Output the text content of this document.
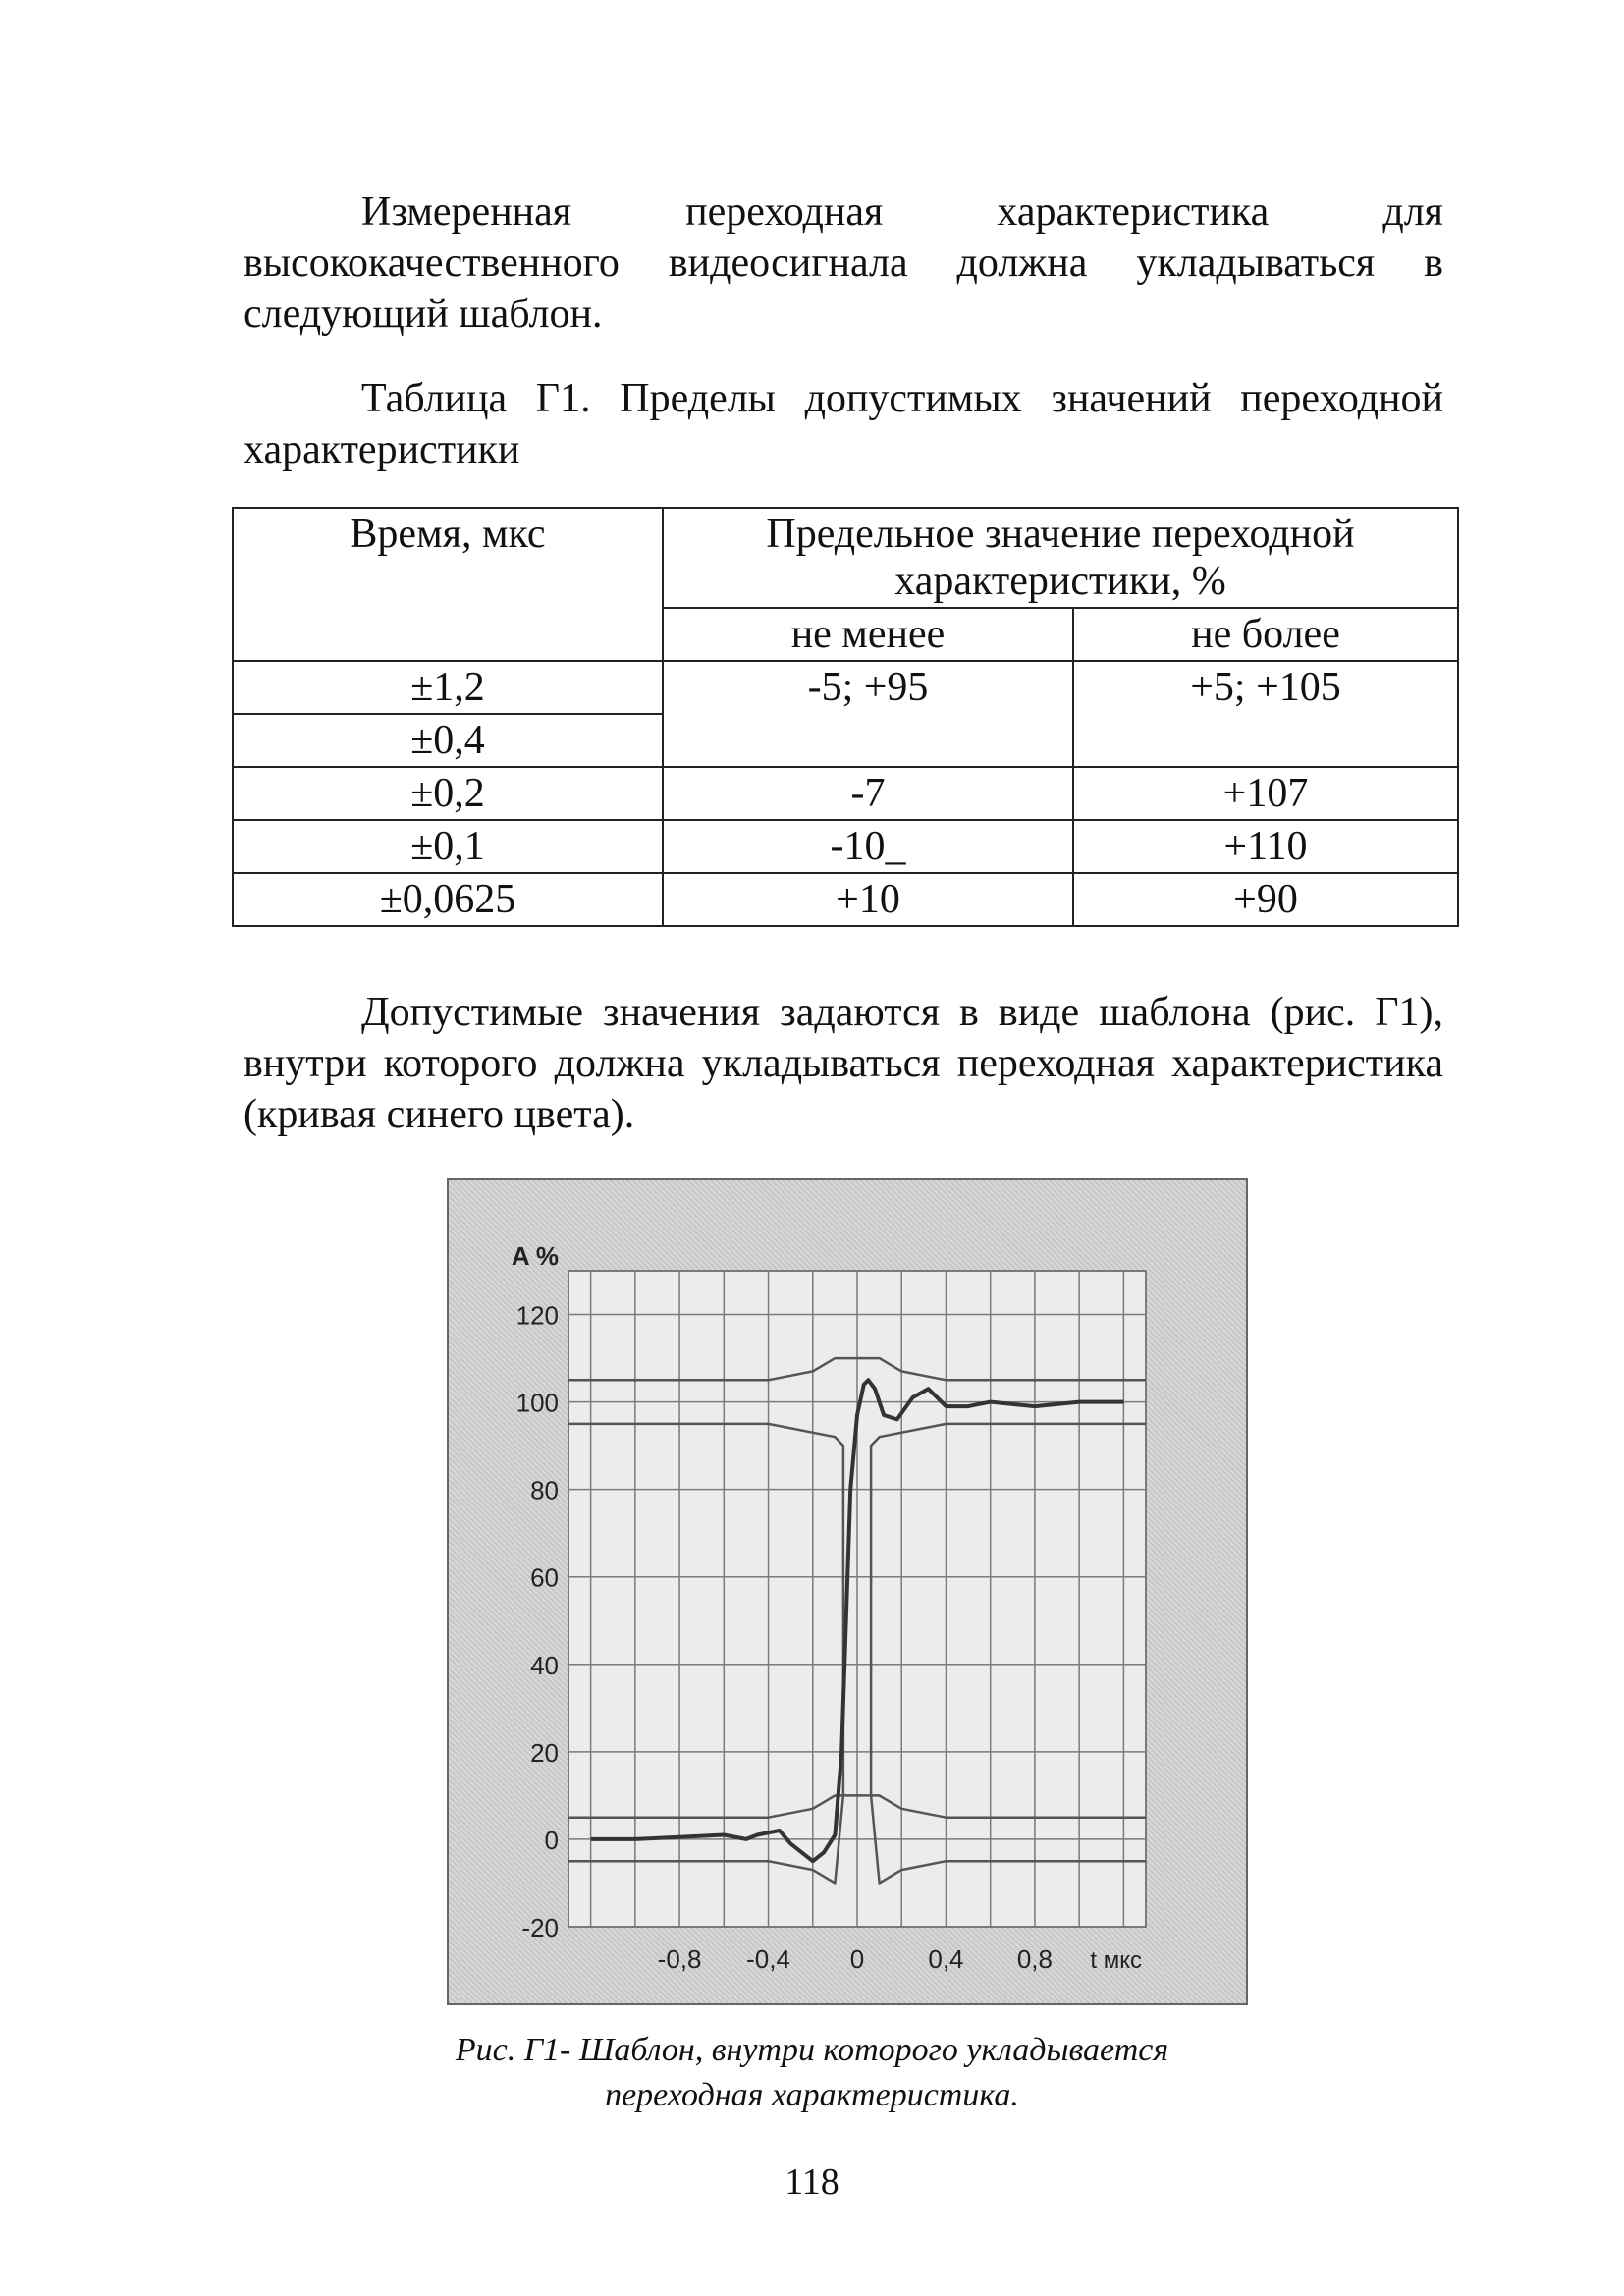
Измеренная переходная характеристика для высококачественного видеосигнала должна укладываться в следующий шаблон.

Таблица Г1. Пределы допустимых значений переходной характеристики

Время, мкс	Предельное значение переходной характеристики, %	
	не менее	не более
±1,2	-5; +95	+5; +105
±0,4		
±0,2	-7	+107
±0,1	-10_	+110
±0,0625	+10	+90

Допустимые значения задаются в виде шаблона (рис. Г1), внутри которого должна укладываться переходная характеристика (кривая синего цвета).

120
100
80
60
40
20
0
-20
-0,8 -0,4 0	0,4 0,8
A %
t мкс

Рис. Г1- Шаблон, внутри которого укладывается
переходная характеристика.

118
